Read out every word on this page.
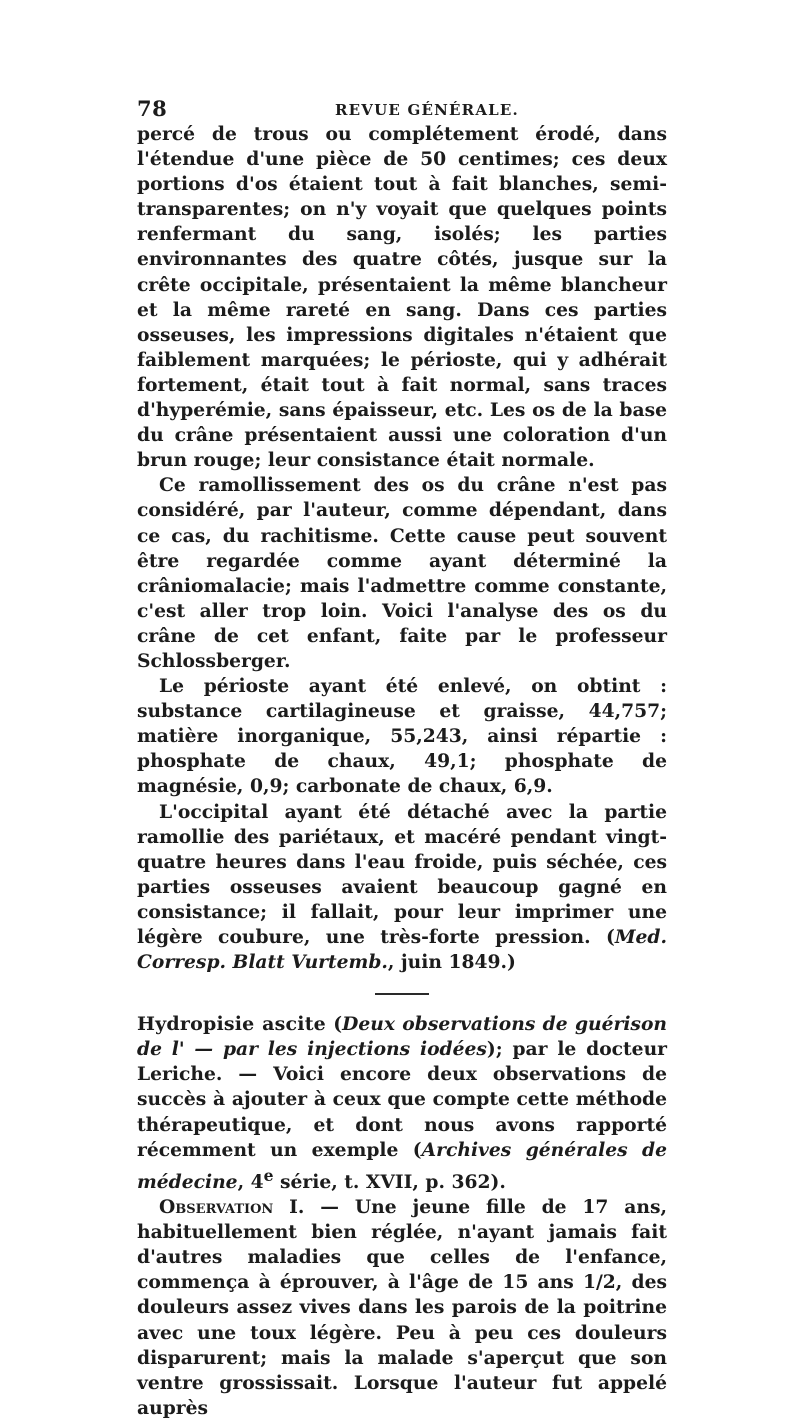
78	REVUE GÉNÉRALE.

percé de trous ou complétement érodé, dans l'étendue d'une pièce de 50 centimes; ces deux portions d'os étaient tout à fait blanches, semi-transparentes; on n'y voyait que quelques points renfermant du sang, isolés; les parties environnantes des quatre côtés, jusque sur la crête occipitale, présentaient la même blancheur et la même rareté en sang. Dans ces parties osseuses, les impressions digitales n'étaient que faiblement marquées; le périoste, qui y adhérait fortement, était tout à fait normal, sans traces d'hyperémie, sans épaisseur, etc. Les os de la base du crâne présentaient aussi une coloration d'un brun rouge; leur consistance était normale.

Ce ramollissement des os du crâne n'est pas considéré, par l'auteur, comme dépendant, dans ce cas, du rachitisme. Cette cause peut souvent être regardée comme ayant déterminé la crâniomalacie; mais l'admettre comme constante, c'est aller trop loin. Voici l'analyse des os du crâne de cet enfant, faite par le professeur Schlossberger.

Le périoste ayant été enlevé, on obtint : substance cartilagineuse et graisse, 44,757; matière inorganique, 55,243, ainsi répartie : phosphate de chaux, 49,1; phosphate de magnésie, 0,9; carbonate de chaux, 6,9.

L'occipital ayant été détaché avec la partie ramollie des pariétaux, et macéré pendant vingt-quatre heures dans l'eau froide, puis séchée, ces parties osseuses avaient beaucoup gagné en consistance; il fallait, pour leur imprimer une légère coubure, une très-forte pression. (Med. Corresp. Blatt Vurtemb., juin 1849.)

Hydropisie ascite (Deux observations de guérison de l' — par les injections iodées); par le docteur Leriche. — Voici encore deux observations de succès à ajouter à ceux que compte cette méthode thérapeutique, et dont nous avons rapporté récemment un exemple (Archives générales de médecine, 4e série, t. XVII, p. 362).

Observation I. — Une jeune fille de 17 ans, habituellement bien réglée, n'ayant jamais fait d'autres maladies que celles de l'enfance, commença à éprouver, à l'âge de 15 ans 1/2, des douleurs assez vives dans les parois de la poitrine avec une toux légère. Peu à peu ces douleurs disparurent; mais la malade s'aperçut que son ventre grossissait. Lorsque l'auteur fut appelé auprès
